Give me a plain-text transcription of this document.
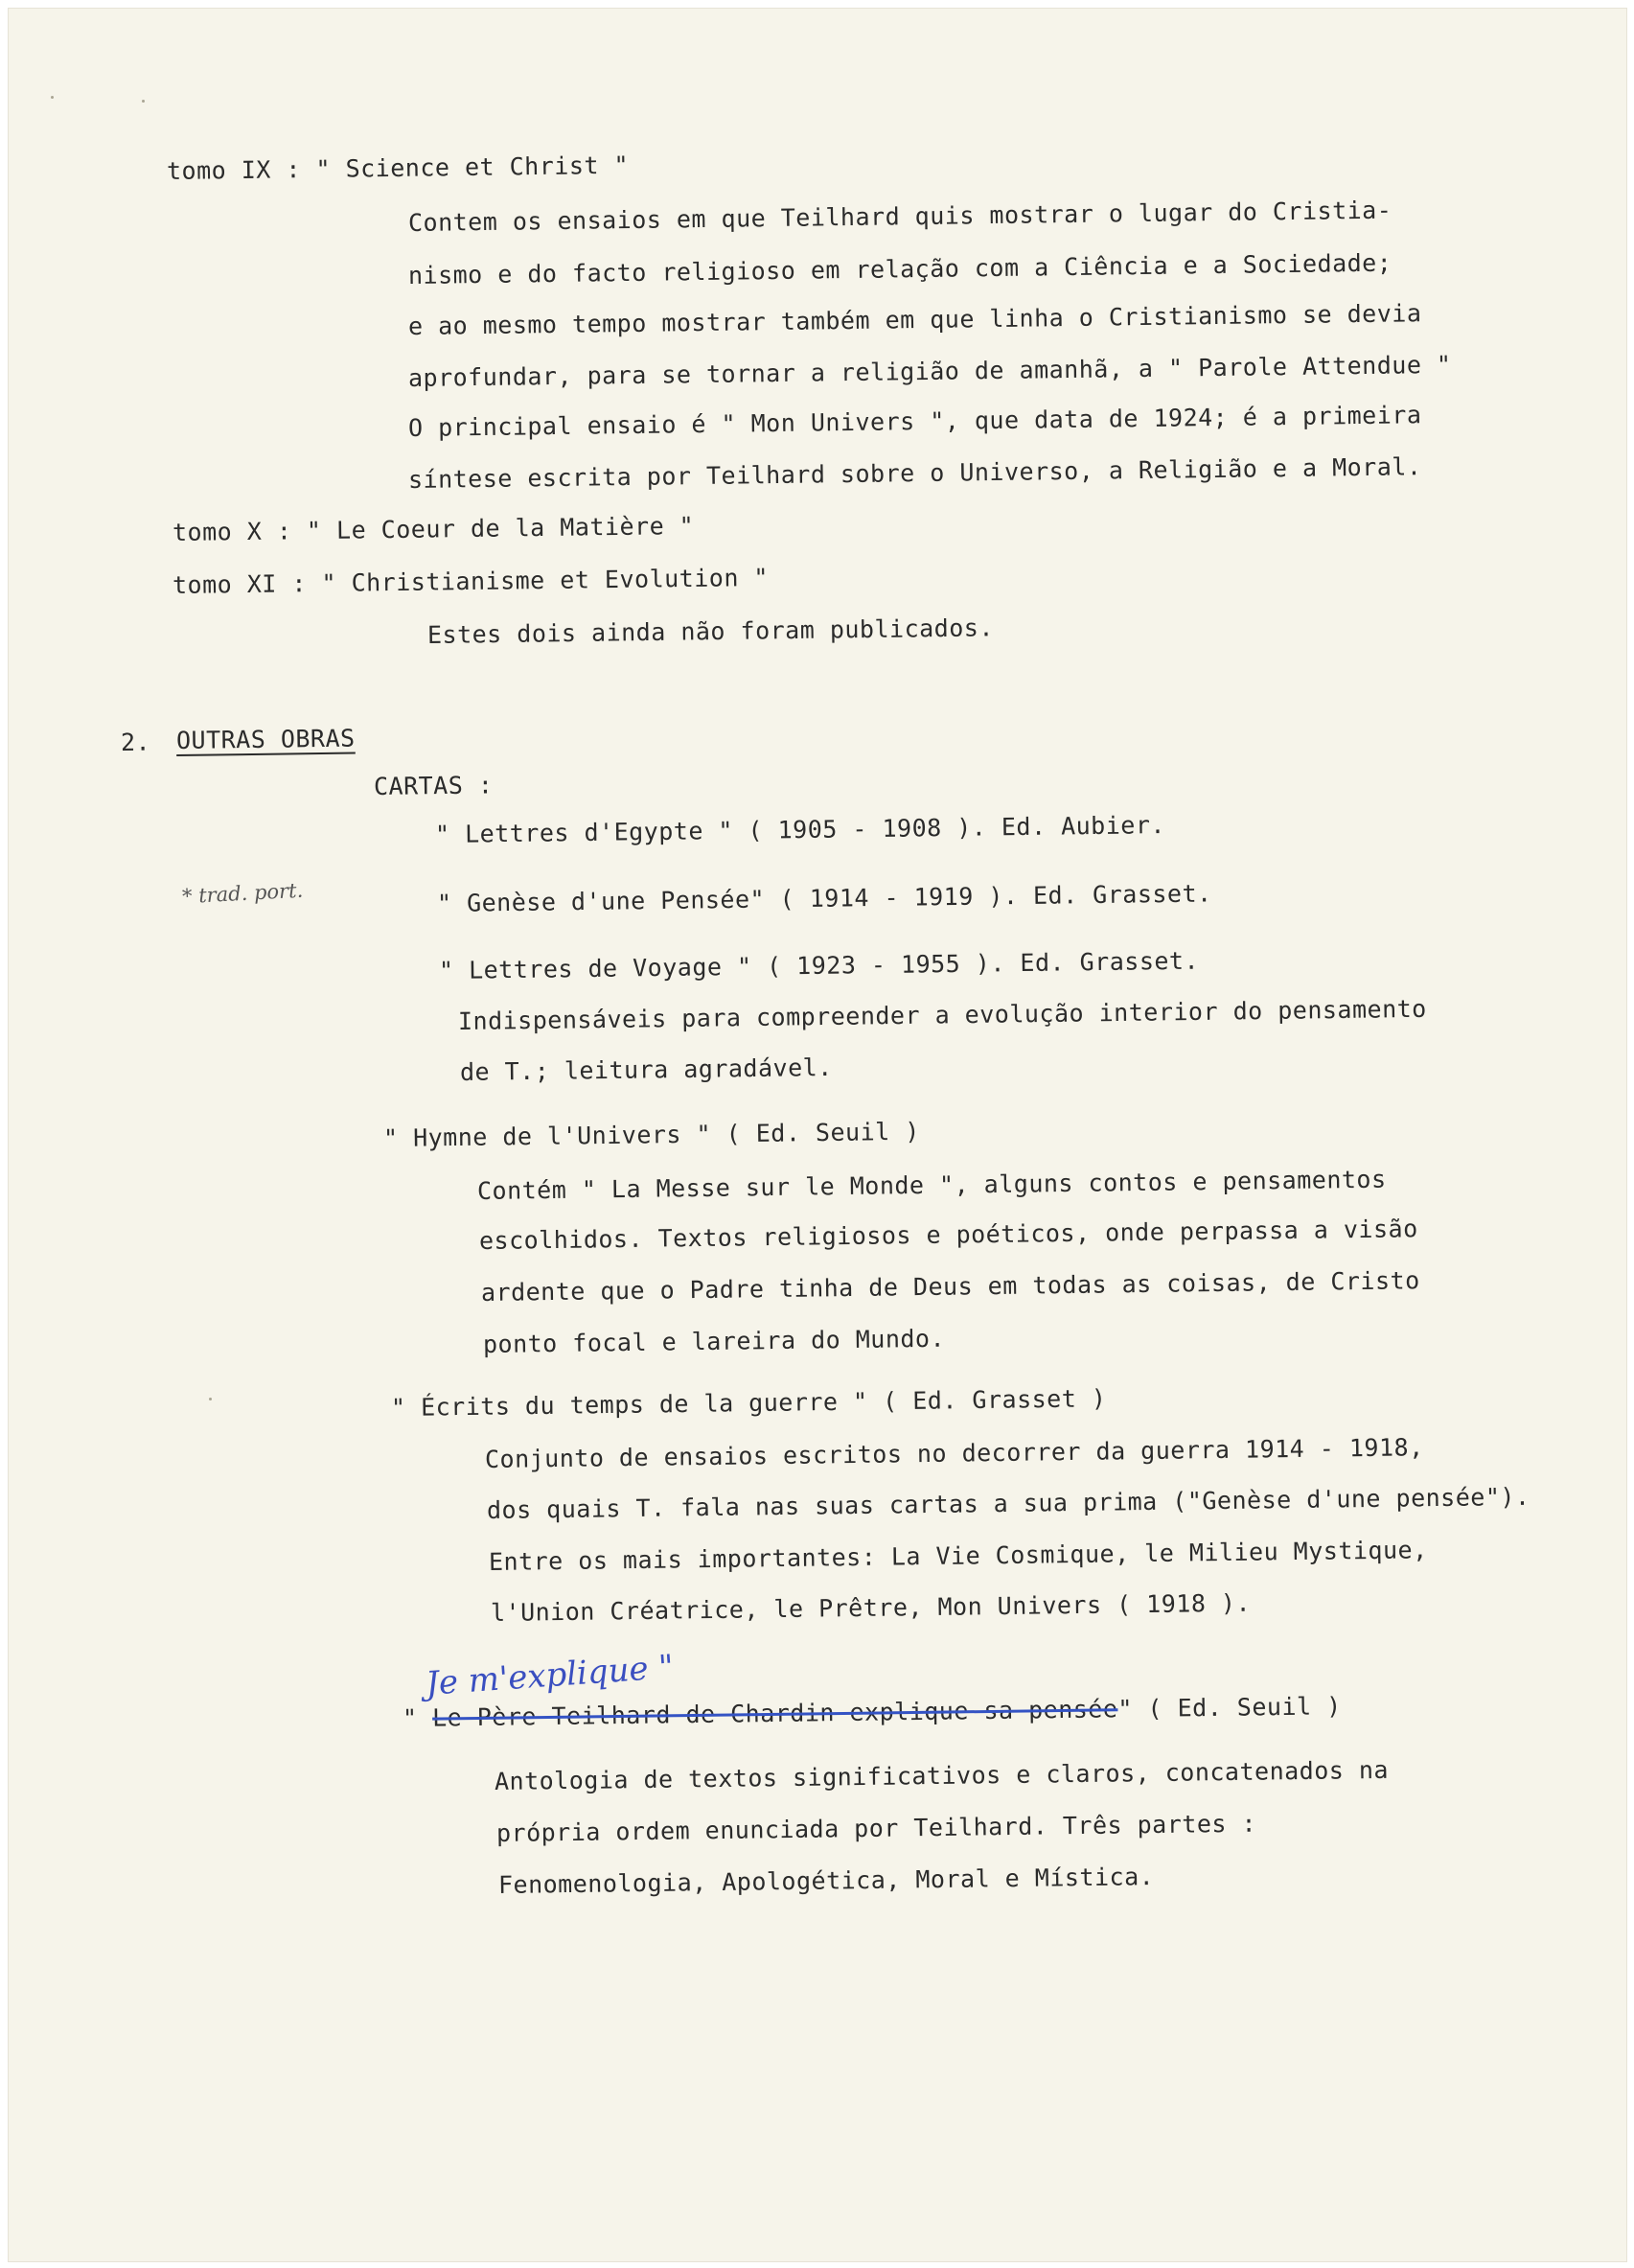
tomo IX : " Science et Christ "
Contem os ensaios em que Teilhard quis mostrar o lugar do Cristia-
nismo e do facto religioso em relação com a Ciência e a Sociedade;
e ao mesmo tempo mostrar também em que linha o Cristianismo se devia
aprofundar, para se tornar a religião de amanhã, a " Parole Attendue "
O principal ensaio é " Mon Univers ", que data de 1924; é a primeira
síntese escrita por Teilhard sobre o Universo, a Religião e a Moral.
tomo X : " Le Coeur de la Matière "
tomo XI : " Christianisme et Evolution "
Estes dois ainda não foram publicados.
2. OUTRAS OBRAS
CARTAS :
" Lettres d'Egypte " ( 1905 - 1908 ). Ed. Aubier.
* trad. port.	" Genèse d'une Pensée" ( 1914 - 1919 ). Ed. Grasset.
" Lettres de Voyage " ( 1923 - 1955 ). Ed. Grasset.
Indispensáveis para compreender a evolução interior do pensamento
de T.; leitura agradável.
" Hymne de l'Univers " ( Ed. Seuil )
Contém " La Messe sur le Monde ", alguns contos e pensamentos
escolhidos. Textos religiosos e poéticos, onde perpassa a visão
ardente que o Padre tinha de Deus em todas as coisas, de Cristo
ponto focal e lareira do Mundo.
" Écrits du temps de la guerre " ( Ed. Grasset )
Conjunto de ensaios escritos no decorrer da guerra 1914 - 1918,
dos quais T. fala nas suas cartas a sua prima ("Genèse d'une pensée").
Entre os mais importantes: La Vie Cosmique, le Milieu Mystique,
l'Union Créatrice, le Prêtre, Mon Univers ( 1918 ).
Je m'explique "
" Le Père Teilhard de Chardin explique sa pensée" ( Ed. Seuil )
Antologia de textos significativos e claros, concatenados na
própria ordem enunciada por Teilhard. Três partes :
Fenomenologia, Apologética, Moral e Mística.
